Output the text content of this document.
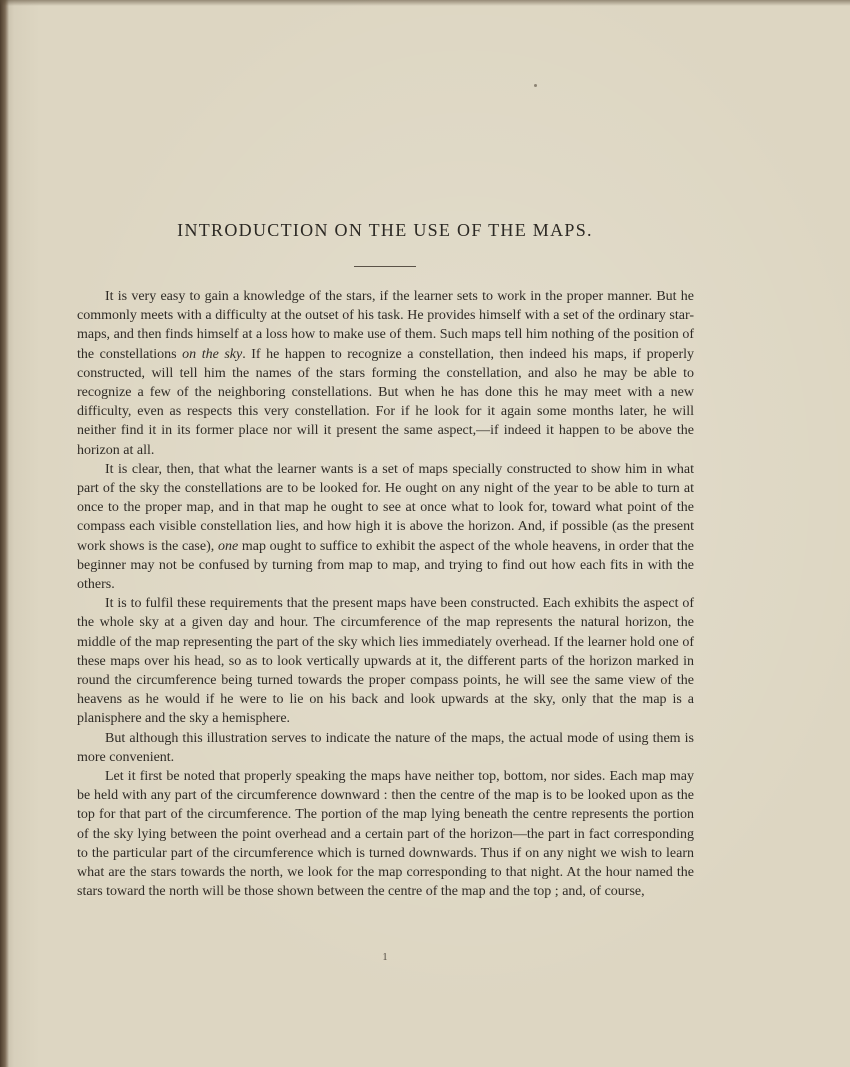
INTRODUCTION ON THE USE OF THE MAPS.

It is very easy to gain a knowledge of the stars, if the learner sets to work in the proper manner. But he commonly meets with a difficulty at the outset of his task. He provides himself with a set of the ordinary star-maps, and then finds himself at a loss how to make use of them. Such maps tell him nothing of the position of the constellations on the sky. If he happen to recognize a constellation, then indeed his maps, if properly constructed, will tell him the names of the stars forming the constellation, and also he may be able to recognize a few of the neighboring constellations. But when he has done this he may meet with a new difficulty, even as respects this very constellation. For if he look for it again some months later, he will neither find it in its former place nor will it present the same aspect,—if indeed it happen to be above the horizon at all.

It is clear, then, that what the learner wants is a set of maps specially constructed to show him in what part of the sky the constellations are to be looked for. He ought on any night of the year to be able to turn at once to the proper map, and in that map he ought to see at once what to look for, toward what point of the compass each visible constellation lies, and how high it is above the horizon. And, if possible (as the present work shows is the case), one map ought to suffice to exhibit the aspect of the whole heavens, in order that the beginner may not be confused by turning from map to map, and trying to find out how each fits in with the others.

It is to fulfil these requirements that the present maps have been constructed. Each exhibits the aspect of the whole sky at a given day and hour. The circumference of the map represents the natural horizon, the middle of the map representing the part of the sky which lies immediately overhead. If the learner hold one of these maps over his head, so as to look vertically upwards at it, the different parts of the horizon marked in round the circumference being turned towards the proper compass points, he will see the same view of the heavens as he would if he were to lie on his back and look upwards at the sky, only that the map is a planisphere and the sky a hemisphere.

But although this illustration serves to indicate the nature of the maps, the actual mode of using them is more convenient.

Let it first be noted that properly speaking the maps have neither top, bottom, nor sides. Each map may be held with any part of the circumference downward : then the centre of the map is to be looked upon as the top for that part of the circumference. The portion of the map lying beneath the centre represents the portion of the sky lying between the point overhead and a certain part of the horizon—the part in fact corresponding to the particular part of the circumference which is turned downwards. Thus if on any night we wish to learn what are the stars towards the north, we look for the map corresponding to that night. At the hour named the stars toward the north will be those shown between the centre of the map and the top ; and, of course,

1
